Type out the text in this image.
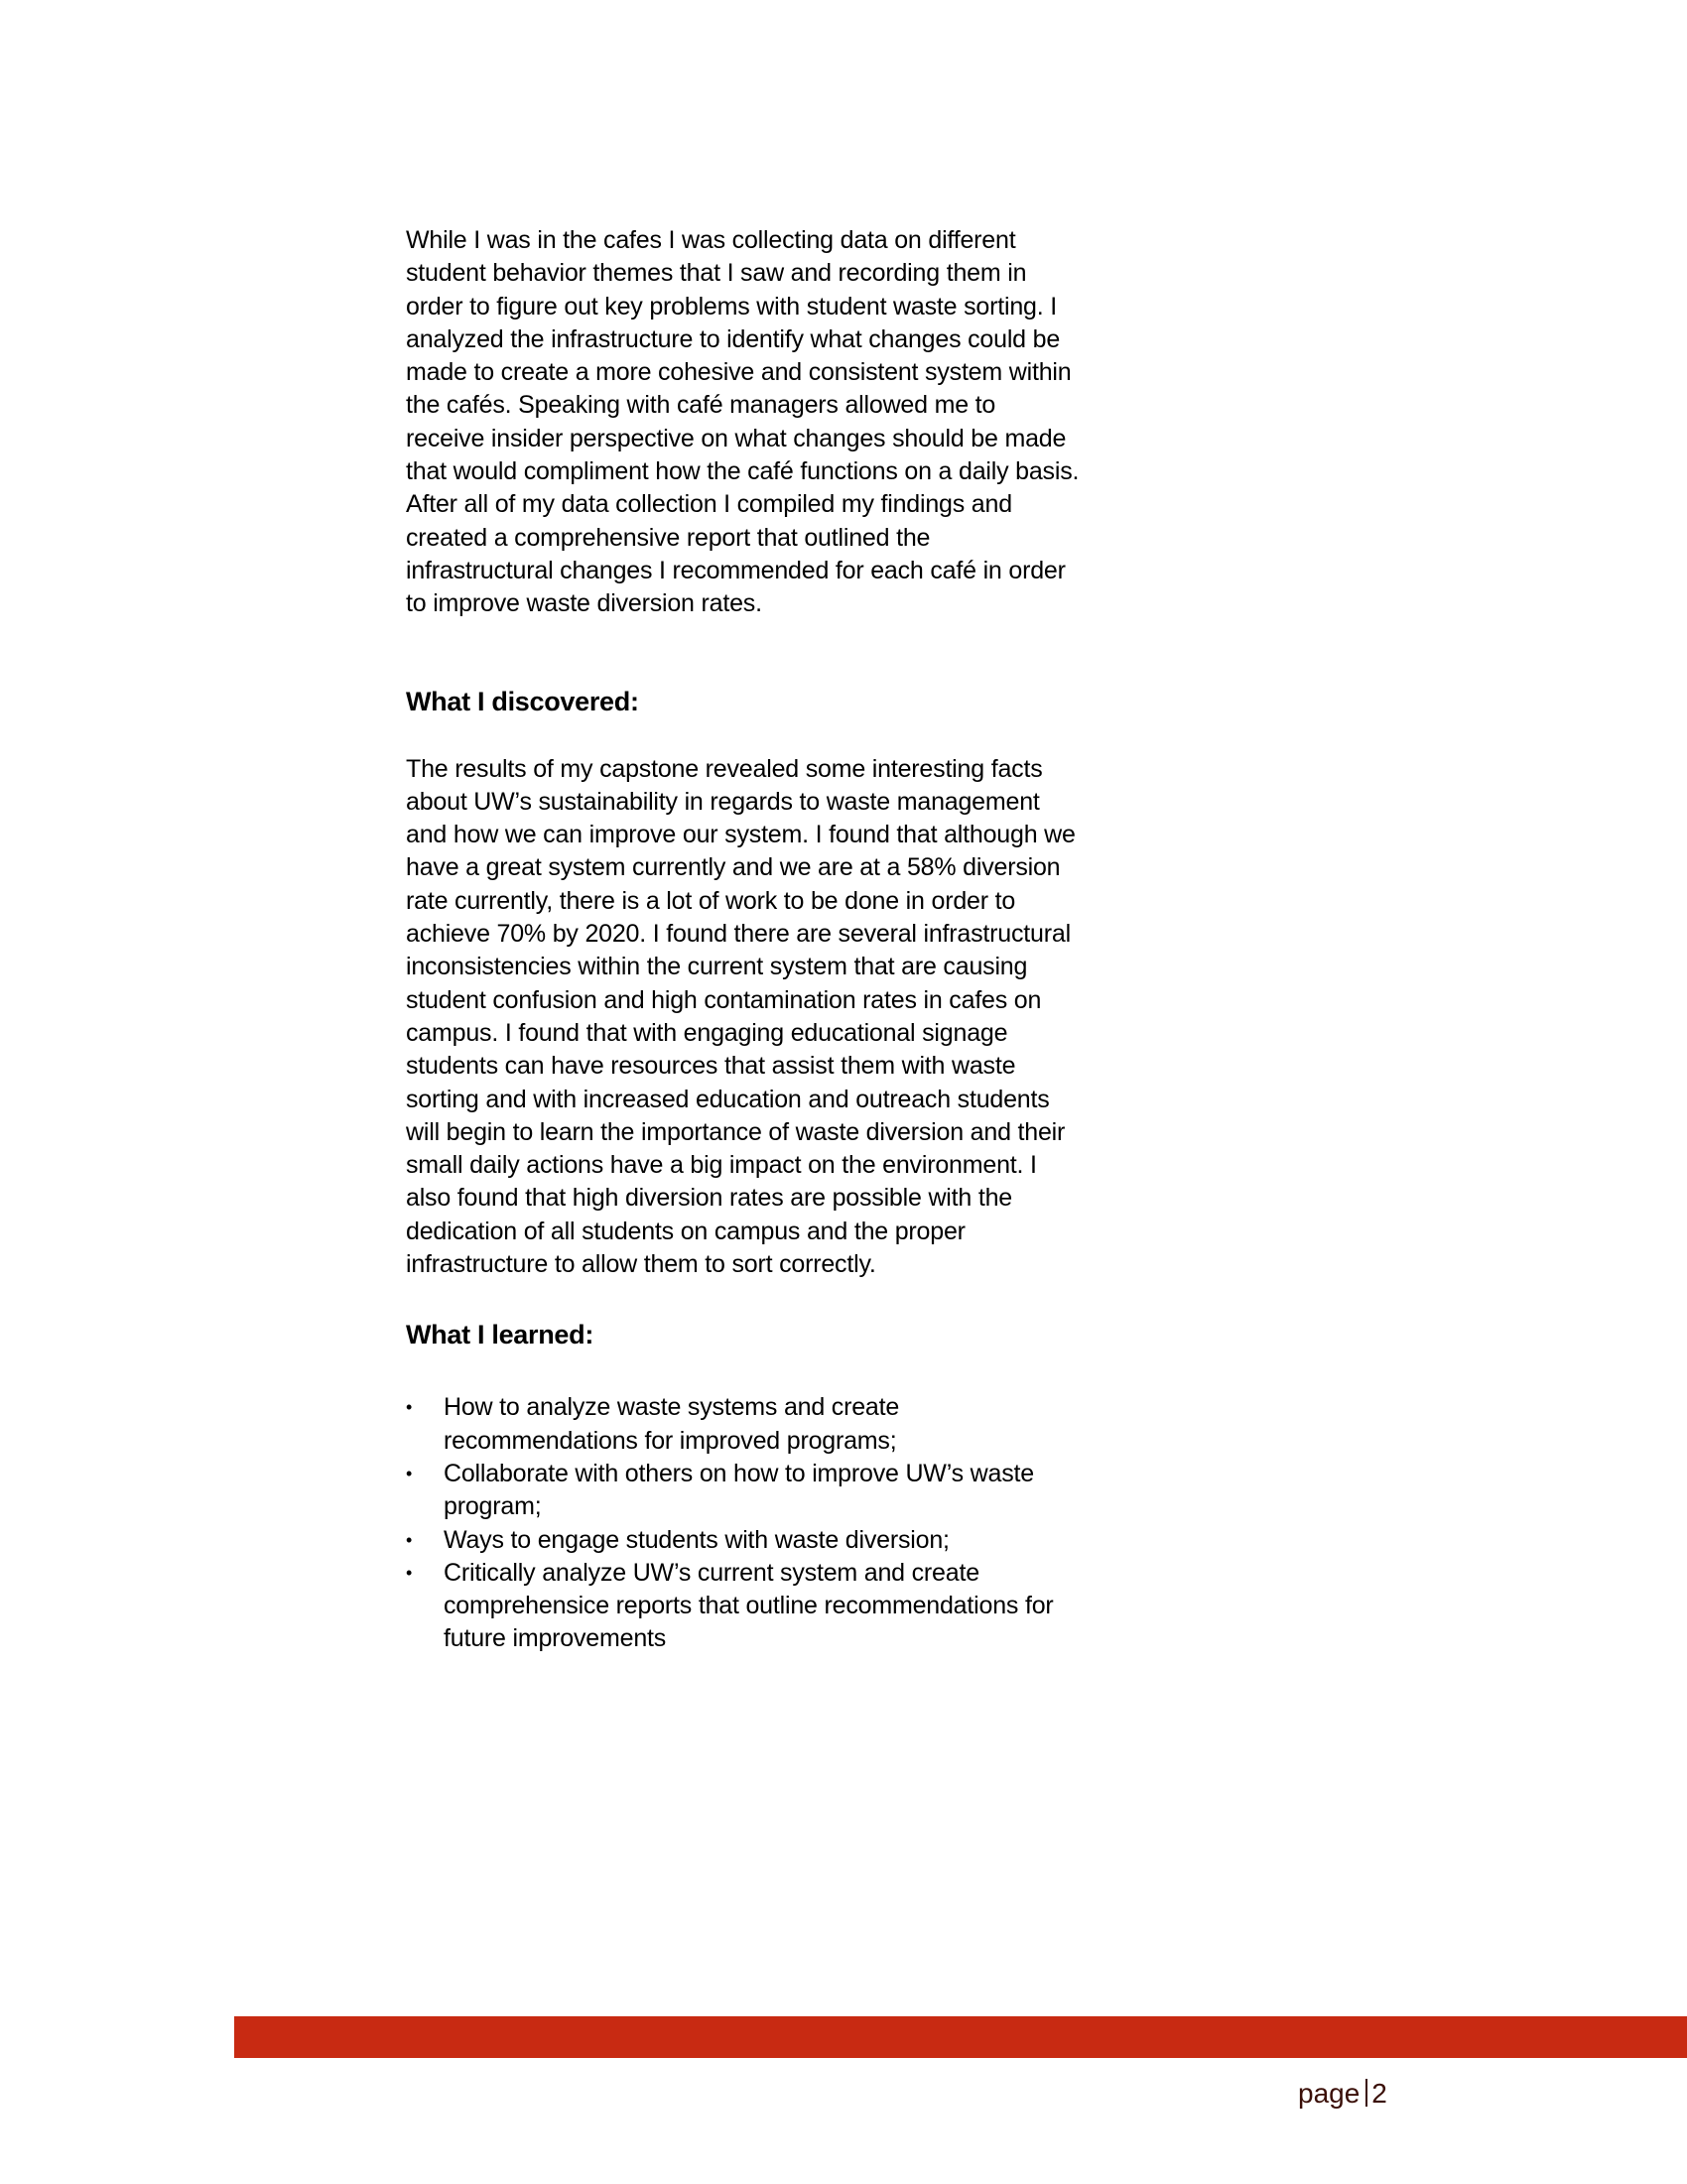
While I was in the cafes I was collecting data on different student behavior themes that I saw and recording them in order to figure out key problems with student waste sorting. I analyzed the infrastructure to identify what changes could be made to create a more cohesive and consistent system within the cafés. Speaking with café managers allowed me to receive insider perspective on what changes should be made that would compliment how the café functions on a daily basis. After all of my data collection I compiled my findings and created a comprehensive report that outlined the infrastructural changes I recommended for each café in order to improve waste diversion rates.

What I discovered:

The results of my capstone revealed some interesting facts about UW’s sustainability in regards to waste management and how we can improve our system. I found that although we have a great system currently and we are at a 58% diversion rate currently, there is a lot of work to be done in order to achieve 70% by 2020. I found there are several infrastructural inconsistencies within the current system that are causing student confusion and high contamination rates in cafes on campus. I found that with engaging educational signage students can have resources that assist them with waste sorting and with increased education and outreach students will begin to learn the importance of waste diversion and their small daily actions have a big impact on the environment. I also found that high diversion rates are possible with the dedication of all students on campus and the proper infrastructure to allow them to sort correctly.

What I learned:
•	How to analyze waste systems and create recommendations for improved programs;
•	Collaborate with others on how to improve UW’s waste program;
•	Ways to engage students with waste diversion;
•	Critically analyze UW’s current system and create comprehensice reports that outline recommendations for future improvements
page 2
